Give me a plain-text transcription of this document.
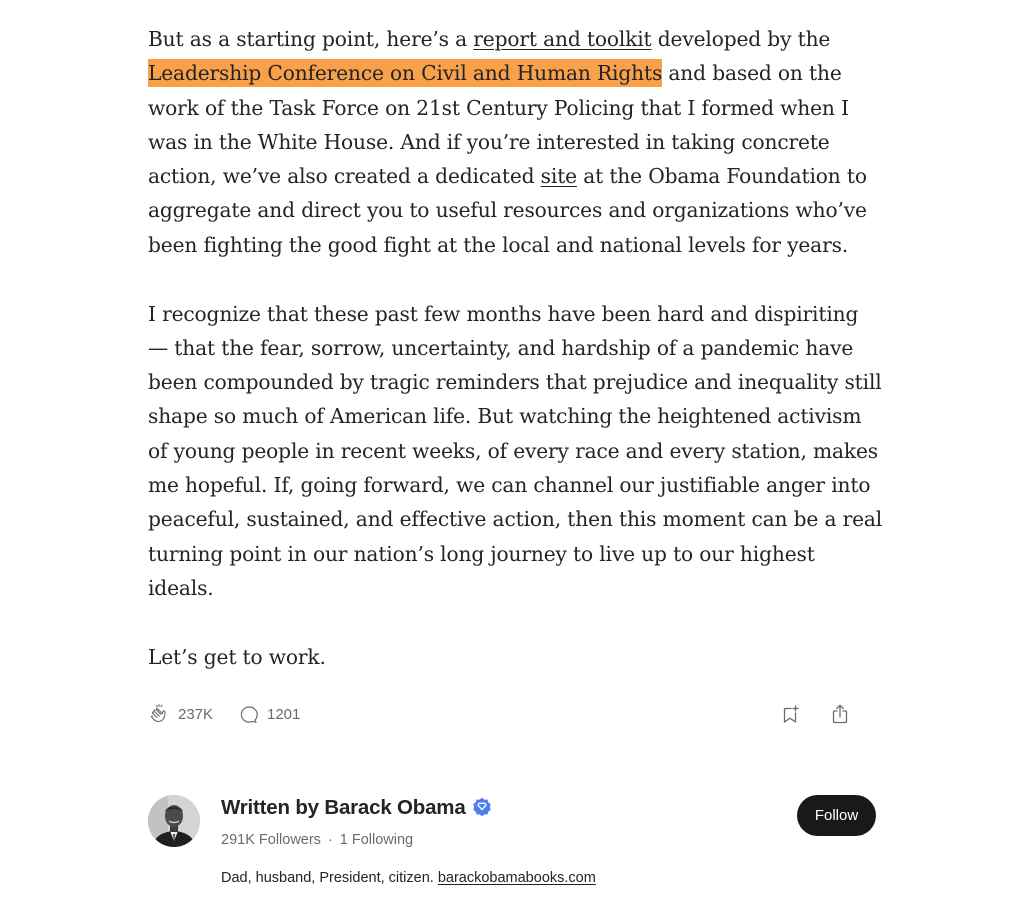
But as a starting point, here’s a report and toolkit developed by the Leadership Conference on Civil and Human Rights and based on the work of the Task Force on 21st Century Policing that I formed when I was in the White House. And if you’re interested in taking concrete action, we’ve also created a dedicated site at the Obama Foundation to aggregate and direct you to useful resources and organizations who’ve been fighting the good fight at the local and national levels for years.

I recognize that these past few months have been hard and dispiriting — that the fear, sorrow, uncertainty, and hardship of a pandemic have been compounded by tragic reminders that prejudice and inequality still shape so much of American life. But watching the heightened activism of young people in recent weeks, of every race and every station, makes me hopeful. If, going forward, we can channel our justifiable anger into peaceful, sustained, and effective action, then this moment can be a real turning point in our nation’s long journey to live up to our highest ideals.

Let’s get to work.

237K	1201
Written by Barack Obama
291K Followers · 1 Following
Dad, husband, President, citizen. barackobamabooks.com
Follow
